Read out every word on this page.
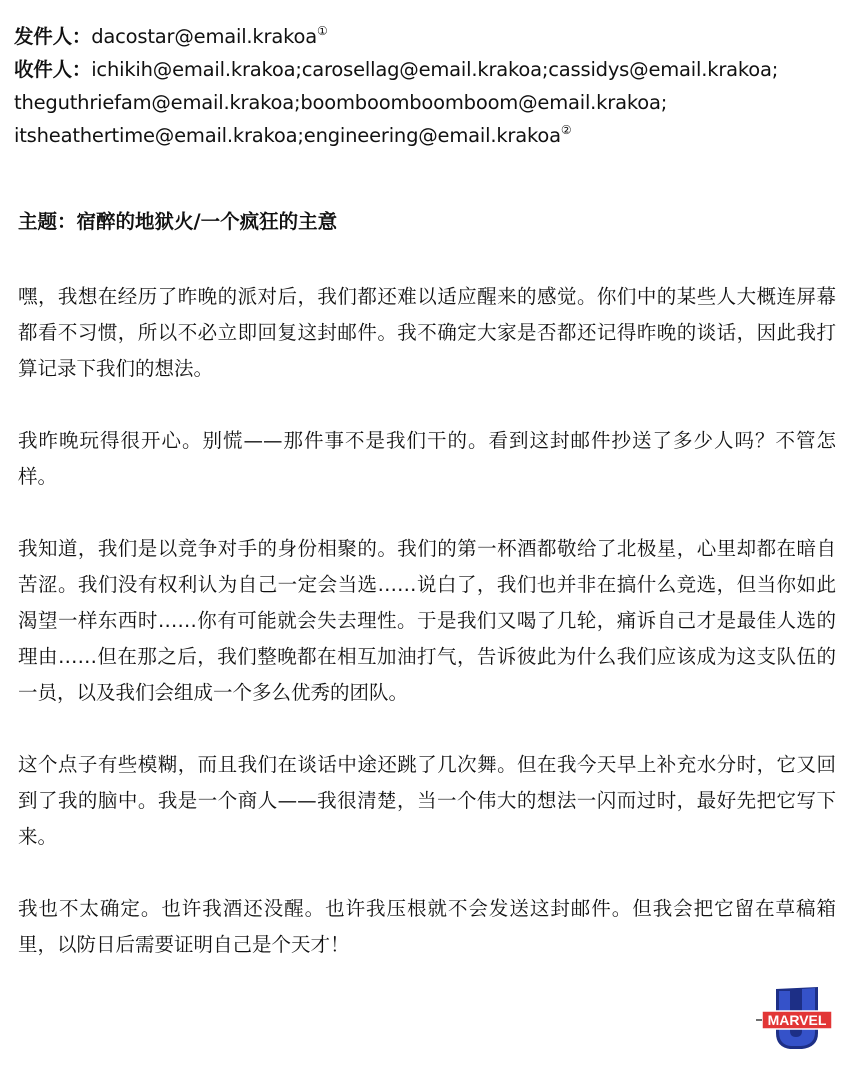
发件人：dacostar@email.krakoa①
收件人：ichikih@email.krakoa;carosellag@email.krakoa;cassidys@email.krakoa;
theguthriefam@email.krakoa;boomboomboomboom@email.krakoa;
itsheathertime@email.krakoa;engineering@email.krakoa②
主题：宿醉的地狱火/一个疯狂的主意

嘿，我想在经历了昨晚的派对后，我们都还难以适应醒来的感觉。你们中的某些人大概连屏幕都看不习惯，所以不必立即回复这封邮件。我不确定大家是否都还记得昨晚的谈话，因此我打算记录下我们的想法。

我昨晚玩得很开心。别慌——那件事不是我们干的。看到这封邮件抄送了多少人吗？不管怎样。

我知道，我们是以竞争对手的身份相聚的。我们的第一杯酒都敬给了北极星，心里却都在暗自苦涩。我们没有权利认为自己一定会当选……说白了，我们也并非在搞什么竞选，但当你如此渴望一样东西时……你有可能就会失去理性。于是我们又喝了几轮，痛诉自己才是最佳人选的理由……但在那之后，我们整晚都在相互加油打气，告诉彼此为什么我们应该成为这支队伍的一员，以及我们会组成一个多么优秀的团队。

这个点子有些模糊，而且我们在谈话中途还跳了几次舞。但在我今天早上补充水分时，它又回到了我的脑中。我是一个商人——我很清楚，当一个伟大的想法一闪而过时，最好先把它写下来。

我也不太确定。也许我酒还没醒。也许我压根就不会发送这封邮件。但我会把它留在草稿箱里，以防日后需要证明自己是个天才！

MARVEL
